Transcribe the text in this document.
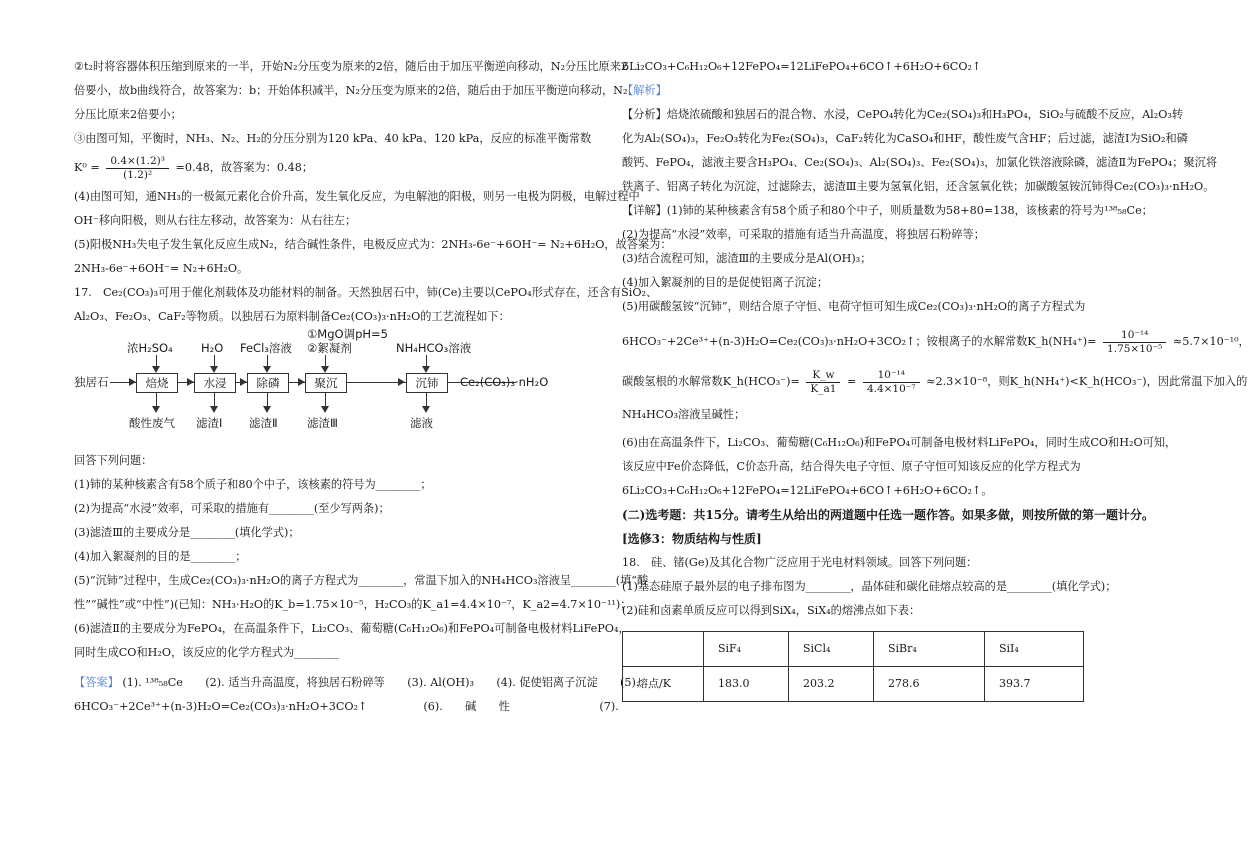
②t₂时将容器体积压缩到原来的一半，开始N₂分压变为原来的2倍，随后由于加压平衡逆向移动，N₂分压比原来2
倍要小，故b曲线符合，故答案为：b；开始体积减半，N₂分压变为原来的2倍，随后由于加压平衡逆向移动，N₂
分压比原来2倍要小；
③由图可知，平衡时，NH₃、N₂、H₂的分压分别为120 kPa、40 kPa、120 kPa，反应的标准平衡常数
$K^0 = \frac{\text{0.4×(1.2)³}}{\text{(1.2)²}} =0.48$，故答案为：0.48；
(4)由图可知，通NH₃的一极氮元素化合价升高，发生氧化反应，为电解池的阳极，则另一电极为阴极，电解过程中
OH⁻移向阳极，则从右往左移动，故答案为：从右往左；
(5)阳极NH₃失电子发生氧化反应生成N₂，结合碱性条件，电极反应式为：2NH₃-6e⁻+6OH⁻= N₂+6H₂O，故答案为：
2NH₃-6e⁻+6OH⁻= N₂+6H₂O。
17.　Ce₂(CO₃)₃可用于催化剂载体及功能材料的制备。天然独居石中，铈(Ce)主要以CePO₄形式存在，还含有SiO₂、
Al₂O₃、Fe₂O₃、CaF₂等物质。以独居石为原料制备Ce₂(CO₃)₃·nH₂O的工艺流程如下：
独居石	焙烧	水浸	除磷	聚沉	沉铈	Ce₂(CO₃)₃·nH₂O
浓H₂SO₄ H₂O FeCl₃溶液
①MgO调pH=5
②絮凝剂	NH₄HCO₃溶液
酸性废气 滤渣Ⅰ 滤渣Ⅱ	滤渣Ⅲ	滤液
回答下列问题：
(1)铈的某种核素含有58个质子和80个中子，该核素的符号为________；
(2)为提高“水浸”效率，可采取的措施有________(至少写两条)；
(3)滤渣Ⅲ的主要成分是________(填化学式)；
(4)加入絮凝剂的目的是________；
(5)“沉铈”过程中，生成Ce₂(CO₃)₃·nH₂O的离子方程式为________，常温下加入的NH₄HCO₃溶液呈________(填“酸
性”“碱性”或“中性”)(已知：NH₃·H₂O的K_b=1.75×10⁻⁵，H₂CO₃的K_a1=4.4×10⁻⁷，K_a2=4.7×10⁻¹¹)；
(6)滤渣Ⅱ的主要成分为FePO₄，在高温条件下，Li₂CO₃、葡萄糖(C₆H₁₂O₆)和FePO₄可制备电极材料LiFePO₄，
同时生成CO和H₂O，该反应的化学方程式为________
【答案】 (1). ¹³⁸₅₈Ce　　(2). 适当升高温度，将独居石粉碎等　　(3). Al(OH)₃　　(4). 促使铝离子沉淀　　(5).
6HCO₃⁻+2Ce³⁺+(n-3)H₂O=Ce₂(CO₃)₃·nH₂O+3CO₂↑　　　　　(6).　　碱　　性　　　　　　　　(7).
6Li₂CO₃+C₆H₁₂O₆+12FePO₄=12LiFePO₄+6CO↑+6H₂O+6CO₂↑
【解析】
【分析】焙烧浓硫酸和独居石的混合物、水浸，CePO₄转化为Ce₂(SO₄)₃和H₃PO₄，SiO₂与硫酸不反应，Al₂O₃转
化为Al₂(SO₄)₃，Fe₂O₃转化为Fe₂(SO₄)₃，CaF₂转化为CaSO₄和HF，酸性废气含HF；后过滤，滤渣Ⅰ为SiO₂和磷
酸钙、FePO₄，滤液主要含H₃PO₄、Ce₂(SO₄)₃、Al₂(SO₄)₃、Fe₂(SO₄)₃，加氯化铁溶液除磷，滤渣Ⅱ为FePO₄；聚沉将
铁离子、铝离子转化为沉淀，过滤除去，滤渣Ⅲ主要为氢氧化铝，还含氢氧化铁；加碳酸氢铵沉铈得Ce₂(CO₃)₃·nH₂O。
【详解】(1)铈的某种核素含有58个质子和80个中子，则质量数为58+80=138，该核素的符号为¹³⁸₅₈Ce；
(2)为提高“水浸”效率，可采取的措施有适当升高温度，将独居石粉碎等；
(3)结合流程可知，滤渣Ⅲ的主要成分是Al(OH)₃；
(4)加入絮凝剂的目的是促使铝离子沉淀；
(5)用碳酸氢铵“沉铈”，则结合原子守恒、电荷守恒可知生成Ce₂(CO₃)₃·nH₂O的离子方程式为
6HCO₃⁻+2Ce³⁺+(n-3)H₂O=Ce₂(CO₃)₃·nH₂O+3CO₂↑；铵根离子的水解常数K_h(NH₄⁺)= $\frac{\text{10⁻¹⁴}}{\text{1.75×10⁻⁵}} \approx 5.7\times 10^{-10}$，
碳酸氢根的水解常数K_h(HCO₃⁻)= $\frac{K\_w}{K\_a1} = \frac{\text{10⁻¹⁴}}{\text{4.4×10⁻⁷}} \approx 2.3\times 10^{-8}$，则K_h(NH₄⁺)<K_h(HCO₃⁻)，因此常温下加入的
NH₄HCO₃溶液呈碱性；
(6)由在高温条件下，Li₂CO₃、葡萄糖(C₆H₁₂O₆)和FePO₄可制备电极材料LiFePO₄，同时生成CO和H₂O可知，
该反应中Fe价态降低，C价态升高，结合得失电子守恒、原子守恒可知该反应的化学方程式为
6Li₂CO₃+C₆H₁₂O₆+12FePO₄=12LiFePO₄+6CO↑+6H₂O+6CO₂↑。
(二)选考题：共15分。请考生从给出的两道题中任选一题作答。如果多做，则按所做的第一题计分。
[选修3：物质结构与性质]
18.　硅、锗(Ge)及其化合物广泛应用于光电材料领域。回答下列问题：
(1)基态硅原子最外层的电子排布图为________，晶体硅和碳化硅熔点较高的是________(填化学式)；
(2)硅和卤素单质反应可以得到SiX₄，SiX₄的熔沸点如下表：
	SiF₄	SiCl₄	SiBr₄	SiI₄
熔点/K	183.0	203.2	278.6	393.7
